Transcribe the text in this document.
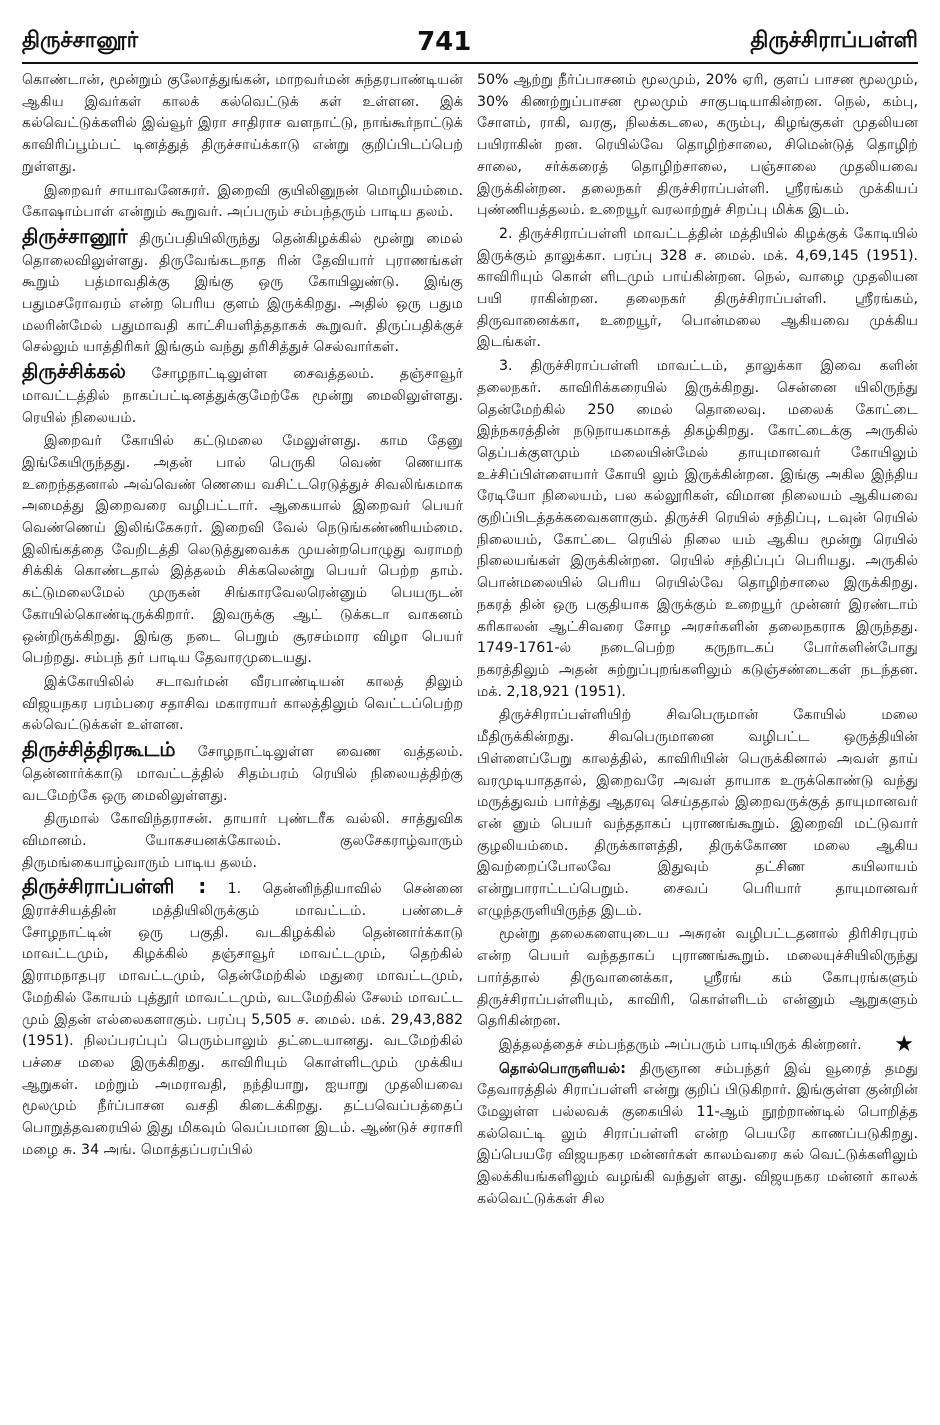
திருச்சானூர்	741	திருச்சிராப்பள்ளி

கொண்டான், மூன்றும் குலோத்துங்கன், மாறவர்மன் சுந்தரபாண்டியன் ஆகிய இவர்கள் காலக் கல்வெட்டுக் கள் உள்ளன. இக் கல்வெட்டுக்களில் இவ்வூர் இரா சாதிராச வளநாட்டு, நாங்கூர்நாட்டுக் காவிரிப்பூம்பட் டினத்துத் திருச்சாய்க்காடு என்று குறிப்பிடப்பெற் றுள்ளது.

இறைவர் சாயாவனேசுரர். இறைவி குயிலினுநன் மொழியம்மை. கோஷாம்பாள் என்றும் கூறுவர். அப்பரும் சம்பந்தரும் பாடிய தலம்.

திருச்சானூர் திருப்பதியிலிருந்து தென்கிழக்கில் மூன்று மைல் தொலைவிலுள்ளது. திருவேங்கடநாத ரின் தேவியார் புராணங்கள் கூறும் பத்மாவதிக்கு இங்கு ஒரு கோயிலுண்டு. இங்கு பதுமசரோவரம் என்ற பெரிய குளம் இருக்கிறது. அதில் ஒரு பதும மலரின்மேல் பதுமாவதி காட்சியளித்ததாகக் கூறுவர். திருப்பதிக்குச் செல்லும் யாத்திரிகர் இங்கும் வந்து தரிசித்துச் செல்வார்கள்.

திருச்சிக்கல் சோழநாட்டிலுள்ள சைவத்தலம். தஞ்சாவூர் மாவட்டத்தில் நாகப்பட்டினத்துக்குமேற்கே மூன்று மைலிலுள்ளது. ரெயில் நிலையம்.

இறைவர் கோயில் கட்டுமலை மேலுள்ளது. காம தேனு இங்கேயிருந்தது. அதன் பால் பெருகி வெண் ணெயாக உறைந்ததனால் அவ்வெண் ணெயை வசிட்டரெடுத்துச் சிவலிங்கமாக அமைத்து இறைவரை வழிபட்டார். ஆகையால் இறைவர் பெயர் வெண்ணெய் இலிங்கேசுரர். இறைவி வேல் நெடுங்கண்ணியம்மை. இலிங்கத்தை வேறிடத்தி லெடுத்துவைக்க முயன்றபொழுது வராமற் சிக்கிக் கொண்டதால் இத்தலம் சிக்கலென்று பெயர் பெற்ற தாம். கட்டுமலைமேல் முருகன் சிங்காரவேலரென்னும் பெயருடன் கோயில்கொண்டிருக்கிறார். இவருக்கு ஆட் டுக்கடா வாகனம் ஒன்றிருக்கிறது. இங்கு நடை பெறும் சூரசம்மார விழா பெயர் பெற்றது. சம்பந் தர் பாடிய தேவாரமுடையது.

இக்கோயிலில் சடாவர்மன் வீரபாண்டியன் காலத் திலும் விஜயநகர பரம்பரை சதாசிவ மகாராயர் காலத்திலும் வெட்டப்பெற்ற கல்வெட்டுக்கள் உள்ளன.

திருச்சித்திரகூடம் சோழநாட்டிலுள்ள வைண வத்தலம். தென்னார்க்காடு மாவட்டத்தில் சிதம்பரம் ரெயில் நிலையத்திற்கு வடமேற்கே ஒரு மைலிலுள்ளது.

திருமால் கோவிந்தராசன். தாயார் புண்டரீக வல்லி. சாத்துவிக விமானம். யோகசயனக்கோலம். குலசேகராழ்வாரும் திருமங்கையாழ்வாரும் பாடிய தலம்.

திருச்சிராப்பள்ளி : 1. தென்னிந்தியாவில் சென்னை இராச்சியத்தின் மத்தியிலிருக்கும் மாவட்டம். பண்டைச் சோழநாட்டின் ஒரு பகுதி. வடகிழக்கில் தென்னார்க்காடு மாவட்டமும், கிழக்கில் தஞ்சாவூர் மாவட்டமும், தெற்கில் இராமநாதபுர மாவட்டமும், தென்மேற்கில் மதுரை மாவட்டமும், மேற்கில் கோயம் புத்தூர் மாவட்டமும், வடமேற்கில் சேலம் மாவட்ட மும் இதன் எல்லைகளாகும். பரப்பு 5,505 ச. மைல். மக். 29,43,882 (1951). நிலப்பரப்புப் பெரும்பாலும் தட்டையானது. வடமேற்கில் பச்சை மலை இருக்கிறது. காவிரியும் கொள்ளிடமும் முக்கிய ஆறுகள். மற்றும் அமராவதி, நந்தியாறு, ஐயாறு முதலியவை மூலமும் நீர்ப்பாசன வசதி கிடைக்கிறது. தட்பவெப்பத்தைப் பொறுத்தவரையில் இது மிகவும் வெப்பமான இடம். ஆண்டுச் சராசரி மழை சு. 34 அங். மொத்தப்பரப்பில்

50% ஆற்று நீர்ப்பாசனம் மூலமும், 20% ஏரி, குளப் பாசன மூலமும், 30% கிணற்றுப்பாசன மூலமும் சாகுபடியாகின்றன. நெல், கம்பு, சோளம், ராகி, வரகு, நிலக்கடலை, கரும்பு, கிழங்குகள் முதலியன பயிராகின் றன. ரெயில்வே தொழிற்சாலை, சிமென்டுத் தொழிற் சாலை, சர்க்கரைத் தொழிற்சாலை, பஞ்சாலை முதலியவை இருக்கின்றன. தலைநகர் திருச்சிராப்பள்ளி. ஸ்ரீரங்கம் முக்கியப் புண்ணியத்தலம். உறையூர் வரலாற்றுச் சிறப்பு மிக்க இடம்.

2. திருச்சிராப்பள்ளி மாவட்டத்தின் மத்தியில் கிழக்குக் கோடியில் இருக்கும் தாலுக்கா. பரப்பு 328 ச. மைல். மக். 4,69,145 (1951). காவிரியும் கொள் ளிடமும் பாய்கின்றன. நெல், வாழை முதலியன பயி ராகின்றன. தலைநகர் திருச்சிராப்பள்ளி. ஸ்ரீரங்கம், திருவானைக்கா, உறையூர், பொன்மலை ஆகியவை முக்கிய இடங்கள்.

3. திருச்சிராப்பள்ளி மாவட்டம், தாலுக்கா இவை களின் தலைநகர். காவிரிக்கரையில் இருக்கிறது. சென்னை யிலிருந்து தென்மேற்கில் 250 மைல் தொலைவு. மலைக் கோட்டை இந்நகரத்தின் நடுநாயகமாகத் திகழ்கிறது. கோட்டைக்கு அருகில் தெப்பக்குளமும் மலையின்மேல் தாயுமானவர் கோயிலும் உச்சிப்பிள்ளையார் கோயி லும் இருக்கின்றன. இங்கு அகில இந்திய ரேடியோ நிலையம், பல கல்லூரிகள், விமான நிலையம் ஆகியவை குறிப்பிடத்தக்கவைகளாகும். திருச்சி ரெயில் சந்திப்பு, டவுன் ரெயில் நிலையம், கோட்டை ரெயில் நிலை யம் ஆகிய மூன்று ரெயில் நிலையங்கள் இருக்கின்றன. ரெயில் சந்திப்புப் பெரியது. அருகில் பொன்மலையில் பெரிய ரெயில்வே தொழிற்சாலை இருக்கிறது. நகரத் தின் ஒரு பகுதியாக இருக்கும் உறையூர் முன்னர் இரண்டாம் கரிகாலன் ஆட்சிவரை சோழ அரசர்களின் தலைநகராக இருந்தது. 1749-1761-ல் நடைபெற்ற கருநாடகப் போர்களின்போது நகரத்திலும் அதன் சுற்றுப்புறங்களிலும் கடுஞ்சண்டைகள் நடந்தன. மக். 2,18,921 (1951).

திருச்சிராப்பள்ளியிற் சிவபெருமான் கோயில் மலை மீதிருக்கின்றது. சிவபெருமானை வழிபட்ட ஒருத்தியின் பிள்ளைப்பேறு காலத்தில், காவிரியின் பெருக்கினால் அவள் தாய் வரமுடியாததால், இறைவரே அவள் தாயாக உருக்கொண்டு வந்து மருத்துவம் பார்த்து ஆதரவு செய்ததால் இறைவருக்குத் தாயுமானவர் என் னும் பெயர் வந்ததாகப் புராணங்கூறும். இறைவி மட்டுவார் குழலியம்மை. திருக்காளத்தி, திருக்கோண மலை ஆகிய இவற்றைப்போலவே இதுவும் தட்சிண கயிலாயம் என்றுபாராட்டப்பெறும். சைவப் பெரியார் தாயுமானவர் எழுந்தருளியிருந்த இடம்.

மூன்று தலைகளையுடைய அசுரன் வழிபட்டதனால் திரிசிரபுரம் என்ற பெயர் வந்ததாகப் புராணங்கூறும். மலையுச்சியிலிருந்து பார்த்தால் திருவானைக்கா, ஸ்ரீரங் கம் கோபுரங்களும் திருச்சிராப்பள்ளியும், காவிரி, கொள்ளிடம் என்னும் ஆறுகளும் தெரிகின்றன.

★
இத்தலத்தைச் சம்பந்தரும் அப்பரும் பாடியிருக் கின்றனர்.

தொல்பொருளியல்: திருஞான சம்பந்தர் இவ் வூரைத் தமது தேவாரத்தில் சிராப்பள்ளி என்று குறிப் பிடுகிறார். இங்குள்ள குன்றின் மேலுள்ள பல்லவக் குகையில் 11-ஆம் நூற்றாண்டில் பொறித்த கல்வெட்டி லும் சிராப்பள்ளி என்ற பெயரே காணப்படுகிறது. இப்பெயரே விஜயநகர மன்னர்கள் காலம்வரை கல் வெட்டுக்களிலும் இலக்கியங்களிலும் வழங்கி வந்துள் ளது. விஜயநகர மன்னர் காலக் கல்வெட்டுக்கள் சில
